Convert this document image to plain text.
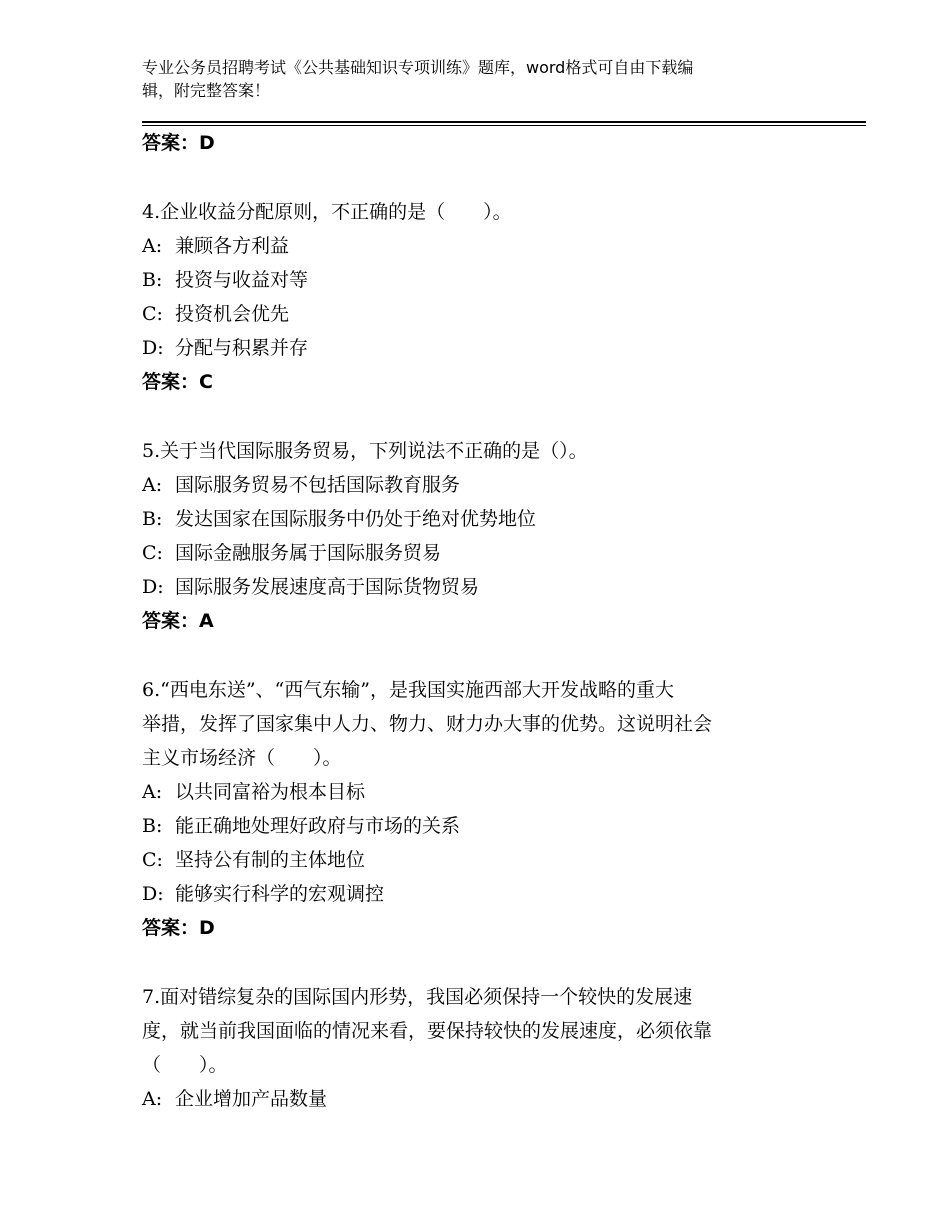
专业公务员招聘考试《公共基础知识专项训练》题库，word格式可自由下载编
辑，附完整答案！
答案：D
4.企业收益分配原则，不正确的是（　　）。
A: 兼顾各方利益
B: 投资与收益对等
C: 投资机会优先
D: 分配与积累并存
答案：C
5.关于当代国际服务贸易，下列说法不正确的是（）。
A: 国际服务贸易不包括国际教育服务
B: 发达国家在国际服务中仍处于绝对优势地位
C: 国际金融服务属于国际服务贸易
D: 国际服务发展速度高于国际货物贸易
答案：A
6.“西电东送”、“西气东输”，是我国实施西部大开发战略的重大
举措，发挥了国家集中人力、物力、财力办大事的优势。这说明社会
主义市场经济（　　）。
A: 以共同富裕为根本目标
B: 能正确地处理好政府与市场的关系
C: 坚持公有制的主体地位
D: 能够实行科学的宏观调控
答案：D
7.面对错综复杂的国际国内形势，我国必须保持一个较快的发展速
度，就当前我国面临的情况来看，要保持较快的发展速度，必须依靠
（　　）。
A: 企业增加产品数量
